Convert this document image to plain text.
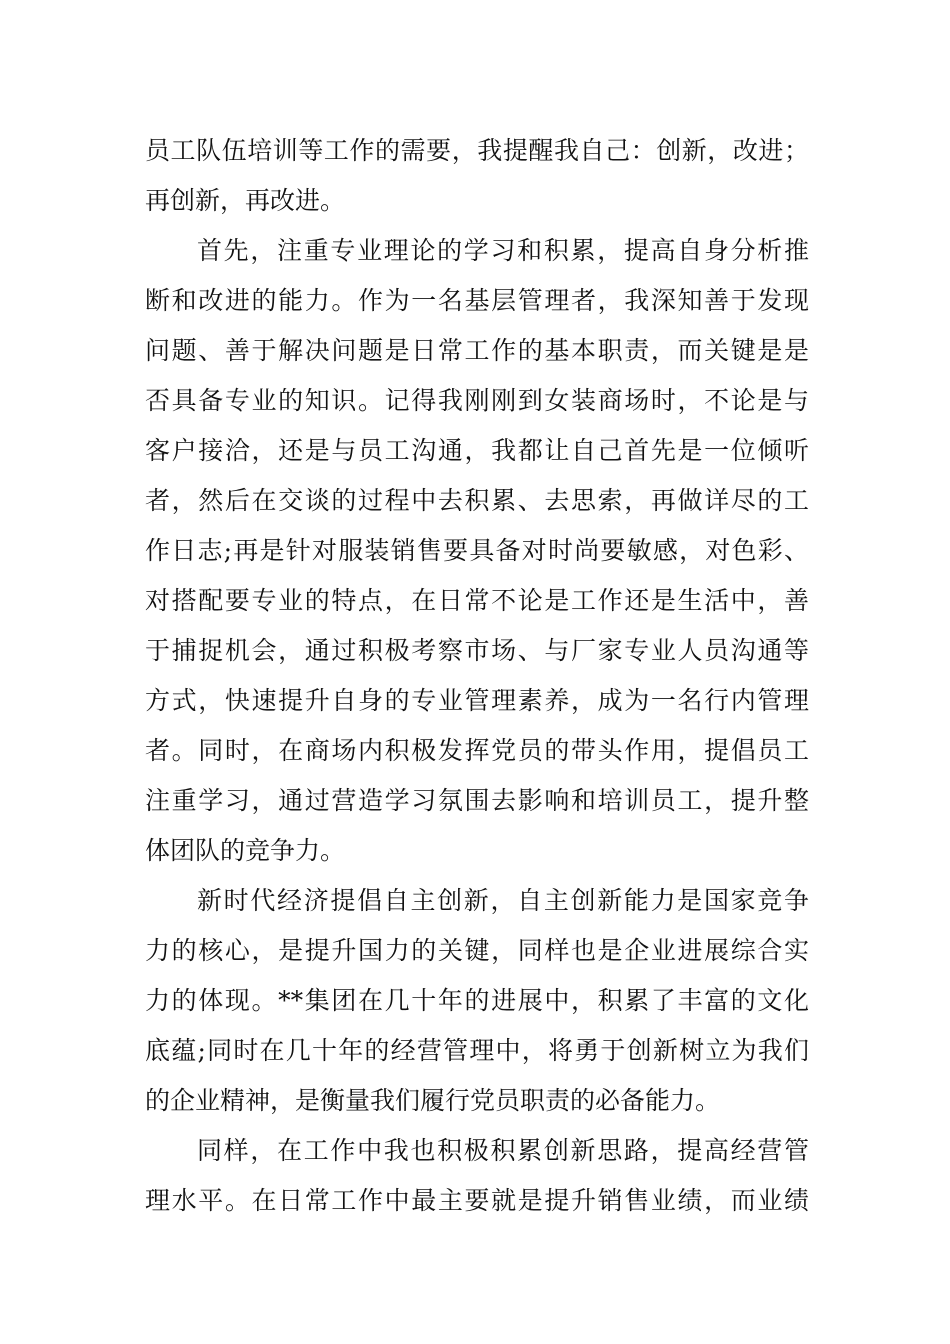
员工队伍培训等工作的需要，我提醒我自己：创新，改进；
再创新，再改进。
首先，注重专业理论的学习和积累，提高自身分析推
断和改进的能力。作为一名基层管理者，我深知善于发现
问题、善于解决问题是日常工作的基本职责，而关键是是
否具备专业的知识。记得我刚刚到女装商场时，不论是与
客户接洽，还是与员工沟通，我都让自己首先是一位倾听
者，然后在交谈的过程中去积累、去思索，再做详尽的工
作日志;再是针对服装销售要具备对时尚要敏感，对色彩、
对搭配要专业的特点，在日常不论是工作还是生活中，善
于捕捉机会，通过积极考察市场、与厂家专业人员沟通等
方式，快速提升自身的专业管理素养，成为一名行内管理
者。同时，在商场内积极发挥党员的带头作用，提倡员工
注重学习，通过营造学习氛围去影响和培训员工，提升整
体团队的竞争力。
新时代经济提倡自主创新，自主创新能力是国家竞争
力的核心，是提升国力的关键，同样也是企业进展综合实
力的体现。**集团在几十年的进展中，积累了丰富的文化
底蕴;同时在几十年的经营管理中，将勇于创新树立为我们
的企业精神，是衡量我们履行党员职责的必备能力。
同样，在工作中我也积极积累创新思路，提高经营管
理水平。在日常工作中最主要就是提升销售业绩，而业绩
